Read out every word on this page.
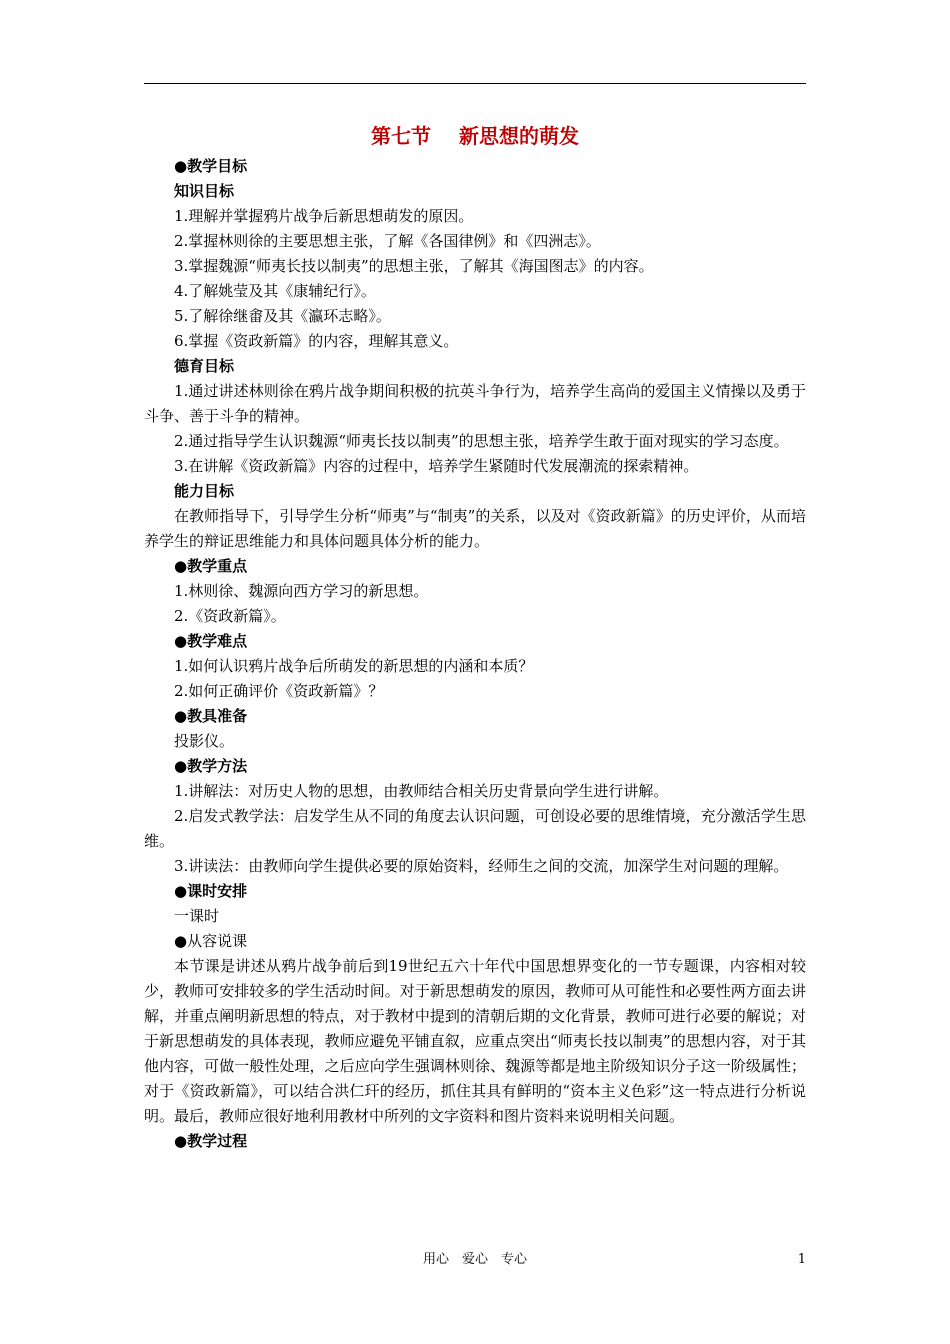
第七节 新思想的萌发

●教学目标

知识目标

1.理解并掌握鸦片战争后新思想萌发的原因。

2.掌握林则徐的主要思想主张，了解《各国律例》和《四洲志》。

3.掌握魏源“师夷长技以制夷”的思想主张，了解其《海国图志》的内容。

4.了解姚莹及其《康辅纪行》。

5.了解徐继畬及其《瀛环志略》。

6.掌握《资政新篇》的内容，理解其意义。

德育目标

1.通过讲述林则徐在鸦片战争期间积极的抗英斗争行为，培养学生高尚的爱国主义情操以及勇于斗争、善于斗争的精神。

2.通过指导学生认识魏源“师夷长技以制夷”的思想主张，培养学生敢于面对现实的学习态度。

3.在讲解《资政新篇》内容的过程中，培养学生紧随时代发展潮流的探索精神。

能力目标

在教师指导下，引导学生分析“师夷”与“制夷”的关系，以及对《资政新篇》的历史评价，从而培养学生的辩证思维能力和具体问题具体分析的能力。

●教学重点

1.林则徐、魏源向西方学习的新思想。

2.《资政新篇》。

●教学难点

1.如何认识鸦片战争后所萌发的新思想的内涵和本质？

2.如何正确评价《资政新篇》？

●教具准备

投影仪。

●教学方法

1.讲解法：对历史人物的思想，由教师结合相关历史背景向学生进行讲解。

2.启发式教学法：启发学生从不同的角度去认识问题，可创设必要的思维情境，充分激活学生思维。

3.讲读法：由教师向学生提供必要的原始资料，经师生之间的交流，加深学生对问题的理解。

●课时安排

一课时

●从容说课

本节课是讲述从鸦片战争前后到19世纪五六十年代中国思想界变化的一节专题课，内容相对较少，教师可安排较多的学生活动时间。对于新思想萌发的原因，教师可从可能性和必要性两方面去讲解，并重点阐明新思想的特点，对于教材中提到的清朝后期的文化背景，教师可进行必要的解说；对于新思想萌发的具体表现，教师应避免平铺直叙，应重点突出“师夷长技以制夷”的思想内容，对于其他内容，可做一般性处理，之后应向学生强调林则徐、魏源等都是地主阶级知识分子这一阶级属性；对于《资政新篇》，可以结合洪仁玕的经历，抓住其具有鲜明的“资本主义色彩”这一特点进行分析说明。最后，教师应很好地利用教材中所列的文字资料和图片资料来说明相关问题。

●教学过程

用心　爱心　专心	1
